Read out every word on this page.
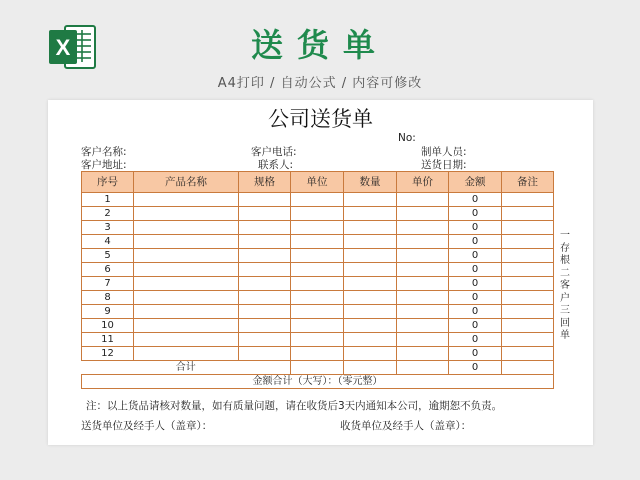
X	送货单
A4打印 / 自动公式 / 内容可修改
公司送货单
No:
客户名称:	客户电话:	制单人员:
客户地址:	联系人:	送货日期:
序号	产品名称	规格	单位	数量	单价	金额	备注
1						0	
2						0	
3						0	
4						0	
5						0	
6						0	
7						0	
8						0	
9						0	
10						0	
11						0	
12						0	
合计						0	
金额合计（大写）：（零元整）							
一
存
根
二
客
户
三
回
单
注：以上货品请核对数量，如有质量问题，请在收货后3天内通知本公司，逾期恕不负责。
送货单位及经手人（盖章）：	收货单位及经手人（盖章）：
